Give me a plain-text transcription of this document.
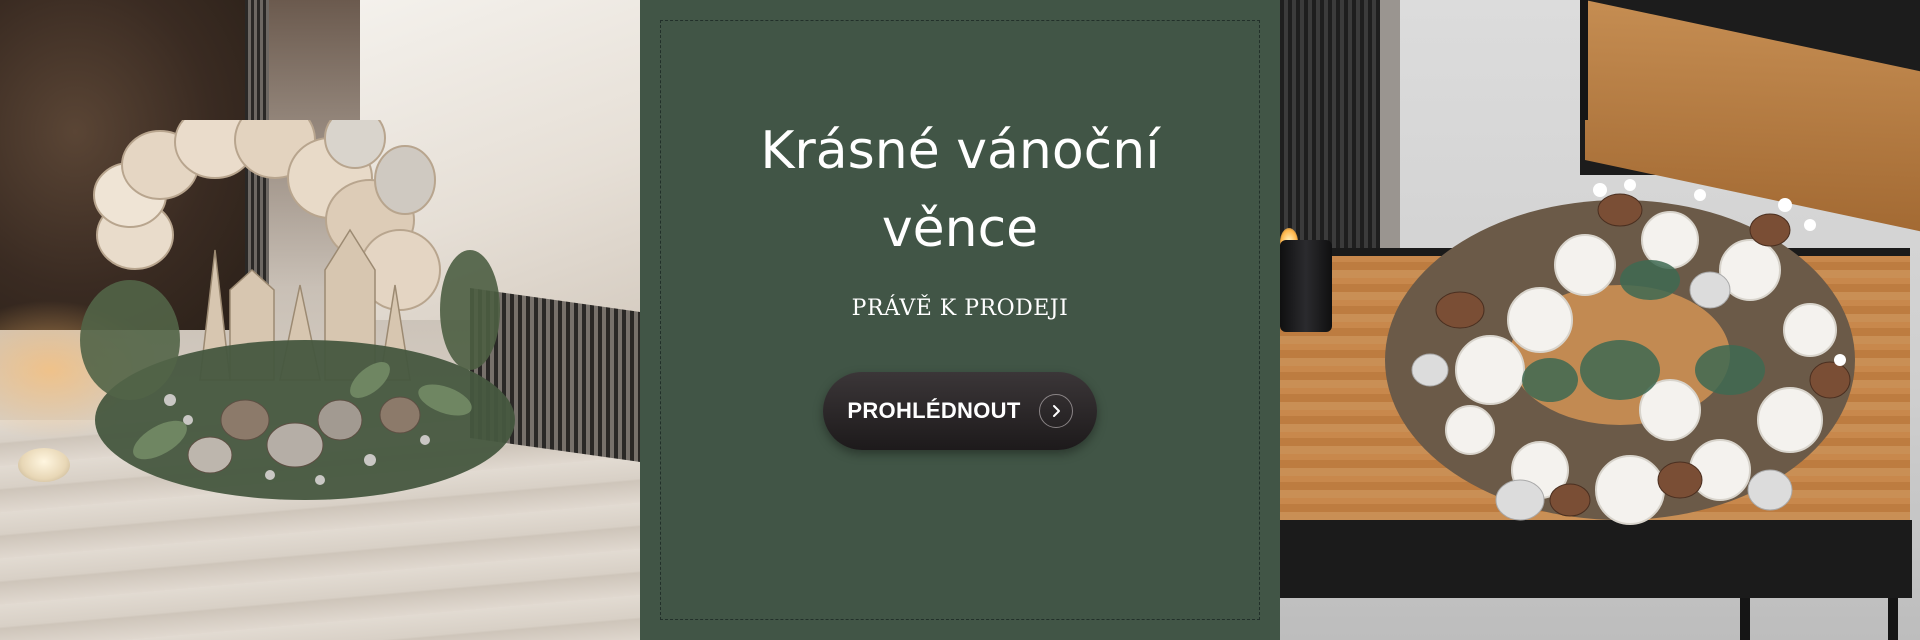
Krásné vánoční věnce
PRÁVĚ K PRODEJI
PROHLÉDNOUT
